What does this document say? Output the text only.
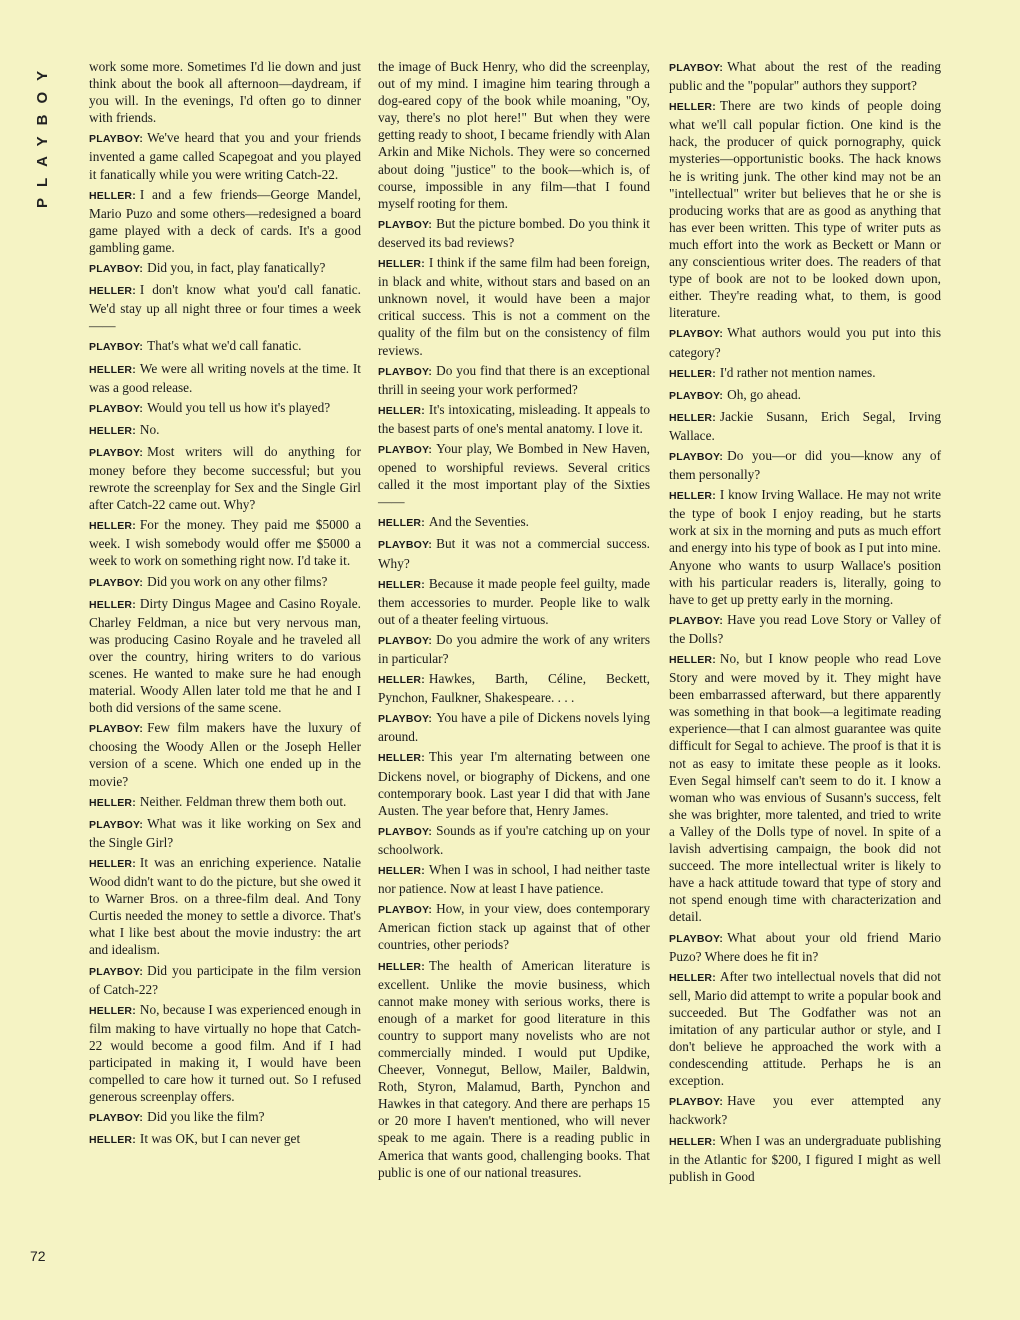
PLAYBOY
72

work some more. Sometimes I'd lie down and just think about the book all afternoon—daydream, if you will. In the evenings, I'd often go to dinner with friends.

PLAYBOY: We've heard that you and your friends invented a game called Scapegoat and you played it fanatically while you were writing Catch-22.

HELLER: I and a few friends—George Mandel, Mario Puzo and some others—redesigned a board game played with a deck of cards. It's a good gambling game.

PLAYBOY: Did you, in fact, play fanatically?

HELLER: I don't know what you'd call fanatic. We'd stay up all night three or four times a week——

PLAYBOY: That's what we'd call fanatic.

HELLER: We were all writing novels at the time. It was a good release.

PLAYBOY: Would you tell us how it's played?

HELLER: No.

PLAYBOY: Most writers will do anything for money before they become successful; but you rewrote the screenplay for Sex and the Single Girl after Catch-22 came out. Why?

HELLER: For the money. They paid me $5000 a week. I wish somebody would offer me $5000 a week to work on something right now. I'd take it.

PLAYBOY: Did you work on any other films?

HELLER: Dirty Dingus Magee and Casino Royale. Charley Feldman, a nice but very nervous man, was producing Casino Royale and he traveled all over the country, hiring writers to do various scenes. He wanted to make sure he had enough material. Woody Allen later told me that he and I both did versions of the same scene.

PLAYBOY: Few film makers have the luxury of choosing the Woody Allen or the Joseph Heller version of a scene. Which one ended up in the movie?

HELLER: Neither. Feldman threw them both out.

PLAYBOY: What was it like working on Sex and the Single Girl?

HELLER: It was an enriching experience. Natalie Wood didn't want to do the picture, but she owed it to Warner Bros. on a three-film deal. And Tony Curtis needed the money to settle a divorce. That's what I like best about the movie industry: the art and idealism.

PLAYBOY: Did you participate in the film version of Catch-22?

HELLER: No, because I was experienced enough in film making to have virtually no hope that Catch-22 would become a good film. And if I had participated in making it, I would have been compelled to care how it turned out. So I refused generous screenplay offers.

PLAYBOY: Did you like the film?

HELLER: It was OK, but I can never get

the image of Buck Henry, who did the screenplay, out of my mind. I imagine him tearing through a dog-eared copy of the book while moaning, "Oy, vay, there's no plot here!" But when they were getting ready to shoot, I became friendly with Alan Arkin and Mike Nichols. They were so concerned about doing "justice" to the book—which is, of course, impossible in any film—that I found myself rooting for them.

PLAYBOY: But the picture bombed. Do you think it deserved its bad reviews?

HELLER: I think if the same film had been foreign, in black and white, without stars and based on an unknown novel, it would have been a major critical success. This is not a comment on the quality of the film but on the consistency of film reviews.

PLAYBOY: Do you find that there is an exceptional thrill in seeing your work performed?

HELLER: It's intoxicating, misleading. It appeals to the basest parts of one's mental anatomy. I love it.

PLAYBOY: Your play, We Bombed in New Haven, opened to worshipful reviews. Several critics called it the most important play of the Sixties——

HELLER: And the Seventies.

PLAYBOY: But it was not a commercial success. Why?

HELLER: Because it made people feel guilty, made them accessories to murder. People like to walk out of a theater feeling virtuous.

PLAYBOY: Do you admire the work of any writers in particular?

HELLER: Hawkes, Barth, Céline, Beckett, Pynchon, Faulkner, Shakespeare. . . .

PLAYBOY: You have a pile of Dickens novels lying around.

HELLER: This year I'm alternating between one Dickens novel, or biography of Dickens, and one contemporary book. Last year I did that with Jane Austen. The year before that, Henry James.

PLAYBOY: Sounds as if you're catching up on your schoolwork.

HELLER: When I was in school, I had neither taste nor patience. Now at least I have patience.

PLAYBOY: How, in your view, does contemporary American fiction stack up against that of other countries, other periods?

HELLER: The health of American literature is excellent. Unlike the movie business, which cannot make money with serious works, there is enough of a market for good literature in this country to support many novelists who are not commercially minded. I would put Updike, Cheever, Vonnegut, Bellow, Mailer, Baldwin, Roth, Styron, Malamud, Barth, Pynchon and Hawkes in that category. And there are perhaps 15 or 20 more I haven't mentioned, who will never speak to me again. There is a reading public in America that wants good, challenging books. That public is one of our national treasures.

PLAYBOY: What about the rest of the reading public and the "popular" authors they support?

HELLER: There are two kinds of people doing what we'll call popular fiction. One kind is the hack, the producer of quick pornography, quick mysteries—opportunistic books. The hack knows he is writing junk. The other kind may not be an "intellectual" writer but believes that he or she is producing works that are as good as anything that has ever been written. This type of writer puts as much effort into the work as Beckett or Mann or any conscientious writer does. The readers of that type of book are not to be looked down upon, either. They're reading what, to them, is good literature.

PLAYBOY: What authors would you put into this category?

HELLER: I'd rather not mention names.

PLAYBOY: Oh, go ahead.

HELLER: Jackie Susann, Erich Segal, Irving Wallace.

PLAYBOY: Do you—or did you—know any of them personally?

HELLER: I know Irving Wallace. He may not write the type of book I enjoy reading, but he starts work at six in the morning and puts as much effort and energy into his type of book as I put into mine. Anyone who wants to usurp Wallace's position with his particular readers is, literally, going to have to get up pretty early in the morning.

PLAYBOY: Have you read Love Story or Valley of the Dolls?

HELLER: No, but I know people who read Love Story and were moved by it. They might have been embarrassed afterward, but there apparently was something in that book—a legitimate reading experience—that I can almost guarantee was quite difficult for Segal to achieve. The proof is that it is not as easy to imitate these people as it looks. Even Segal himself can't seem to do it. I know a woman who was envious of Susann's success, felt she was brighter, more talented, and tried to write a Valley of the Dolls type of novel. In spite of a lavish advertising campaign, the book did not succeed. The more intellectual writer is likely to have a hack attitude toward that type of story and not spend enough time with characterization and detail.

PLAYBOY: What about your old friend Mario Puzo? Where does he fit in?

HELLER: After two intellectual novels that did not sell, Mario did attempt to write a popular book and succeeded. But The Godfather was not an imitation of any particular author or style, and I don't believe he approached the work with a condescending attitude. Perhaps he is an exception.

PLAYBOY: Have you ever attempted any hackwork?

HELLER: When I was an undergraduate publishing in the Atlantic for $200, I figured I might as well publish in Good
